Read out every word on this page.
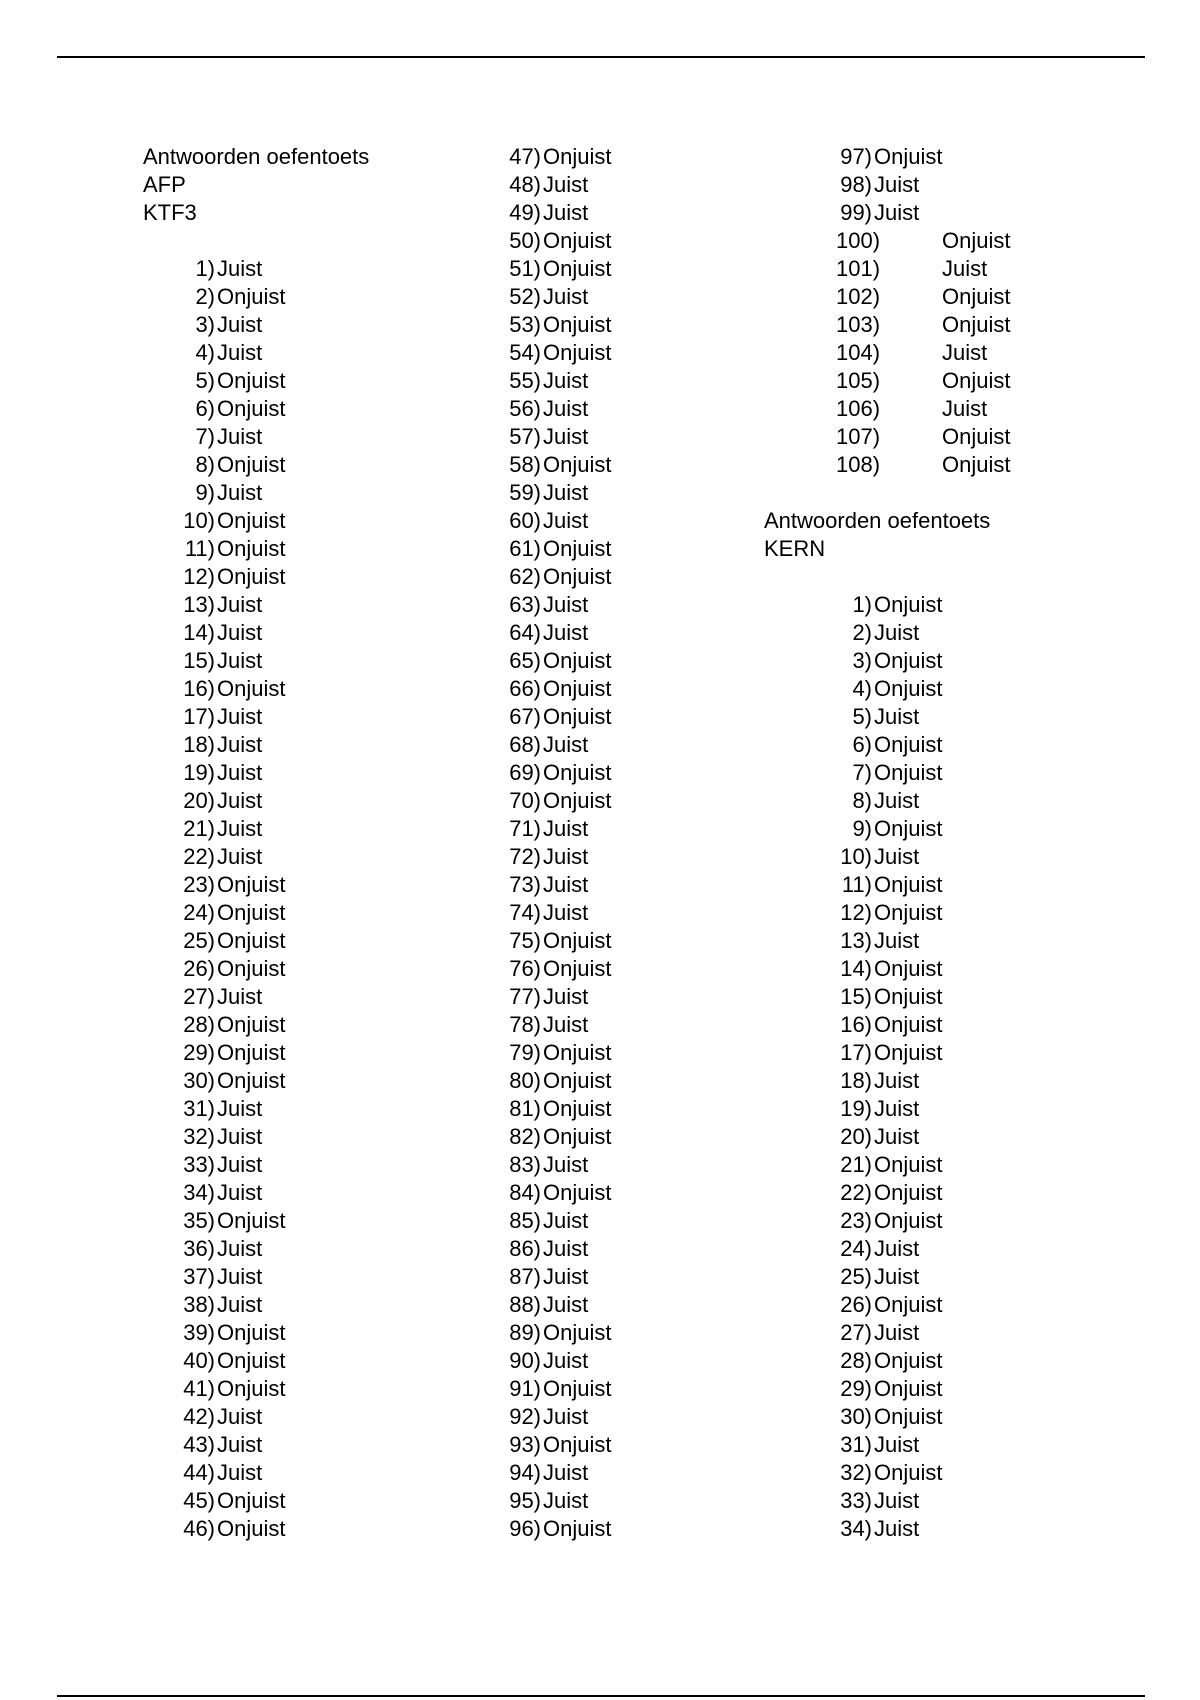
Antwoorden oefentoets
AFP
KTF3
1) Juist
2) Onjuist
3) Juist
4) Juist
5) Onjuist
6) Onjuist
7) Juist
8) Onjuist
9) Juist
10) Onjuist
11) Onjuist
12) Onjuist
13) Juist
14) Juist
15) Juist
16) Onjuist
17) Juist
18) Juist
19) Juist
20) Juist
21) Juist
22) Juist
23) Onjuist
24) Onjuist
25) Onjuist
26) Onjuist
27) Juist
28) Onjuist
29) Onjuist
30) Onjuist
31) Juist
32) Juist
33) Juist
34) Juist
35) Onjuist
36) Juist
37) Juist
38) Juist
39) Onjuist
40) Onjuist
41) Onjuist
42) Juist
43) Juist
44) Juist
45) Onjuist
46) Onjuist
47) Onjuist
48) Juist
49) Juist
50) Onjuist
51) Onjuist
52) Juist
53) Onjuist
54) Onjuist
55) Juist
56) Juist
57) Juist
58) Onjuist
59) Juist
60) Juist
61) Onjuist
62) Onjuist
63) Juist
64) Juist
65) Onjuist
66) Onjuist
67) Onjuist
68) Juist
69) Onjuist
70) Onjuist
71) Juist
72) Juist
73) Juist
74) Juist
75) Onjuist
76) Onjuist
77) Juist
78) Juist
79) Onjuist
80) Onjuist
81) Onjuist
82) Onjuist
83) Juist
84) Onjuist
85) Juist
86) Juist
87) Juist
88) Juist
89) Onjuist
90) Juist
91) Onjuist
92) Juist
93) Onjuist
94) Juist
95) Juist
96) Onjuist
97) Onjuist
98) Juist
99) Juist
100)	Onjuist
101)	Juist
102)	Onjuist
103)	Onjuist
104)	Juist
105)	Onjuist
106)	Juist
107)	Onjuist
108)	Onjuist
Antwoorden oefentoets
KERN
1) Onjuist
2) Juist
3) Onjuist
4) Onjuist
5) Juist
6) Onjuist
7) Onjuist
8) Juist
9) Onjuist
10) Juist
11) Onjuist
12) Onjuist
13) Juist
14) Onjuist
15) Onjuist
16) Onjuist
17) Onjuist
18) Juist
19) Juist
20) Juist
21) Onjuist
22) Onjuist
23) Onjuist
24) Juist
25) Juist
26) Onjuist
27) Juist
28) Onjuist
29) Onjuist
30) Onjuist
31) Juist
32) Onjuist
33) Juist
34) Juist
